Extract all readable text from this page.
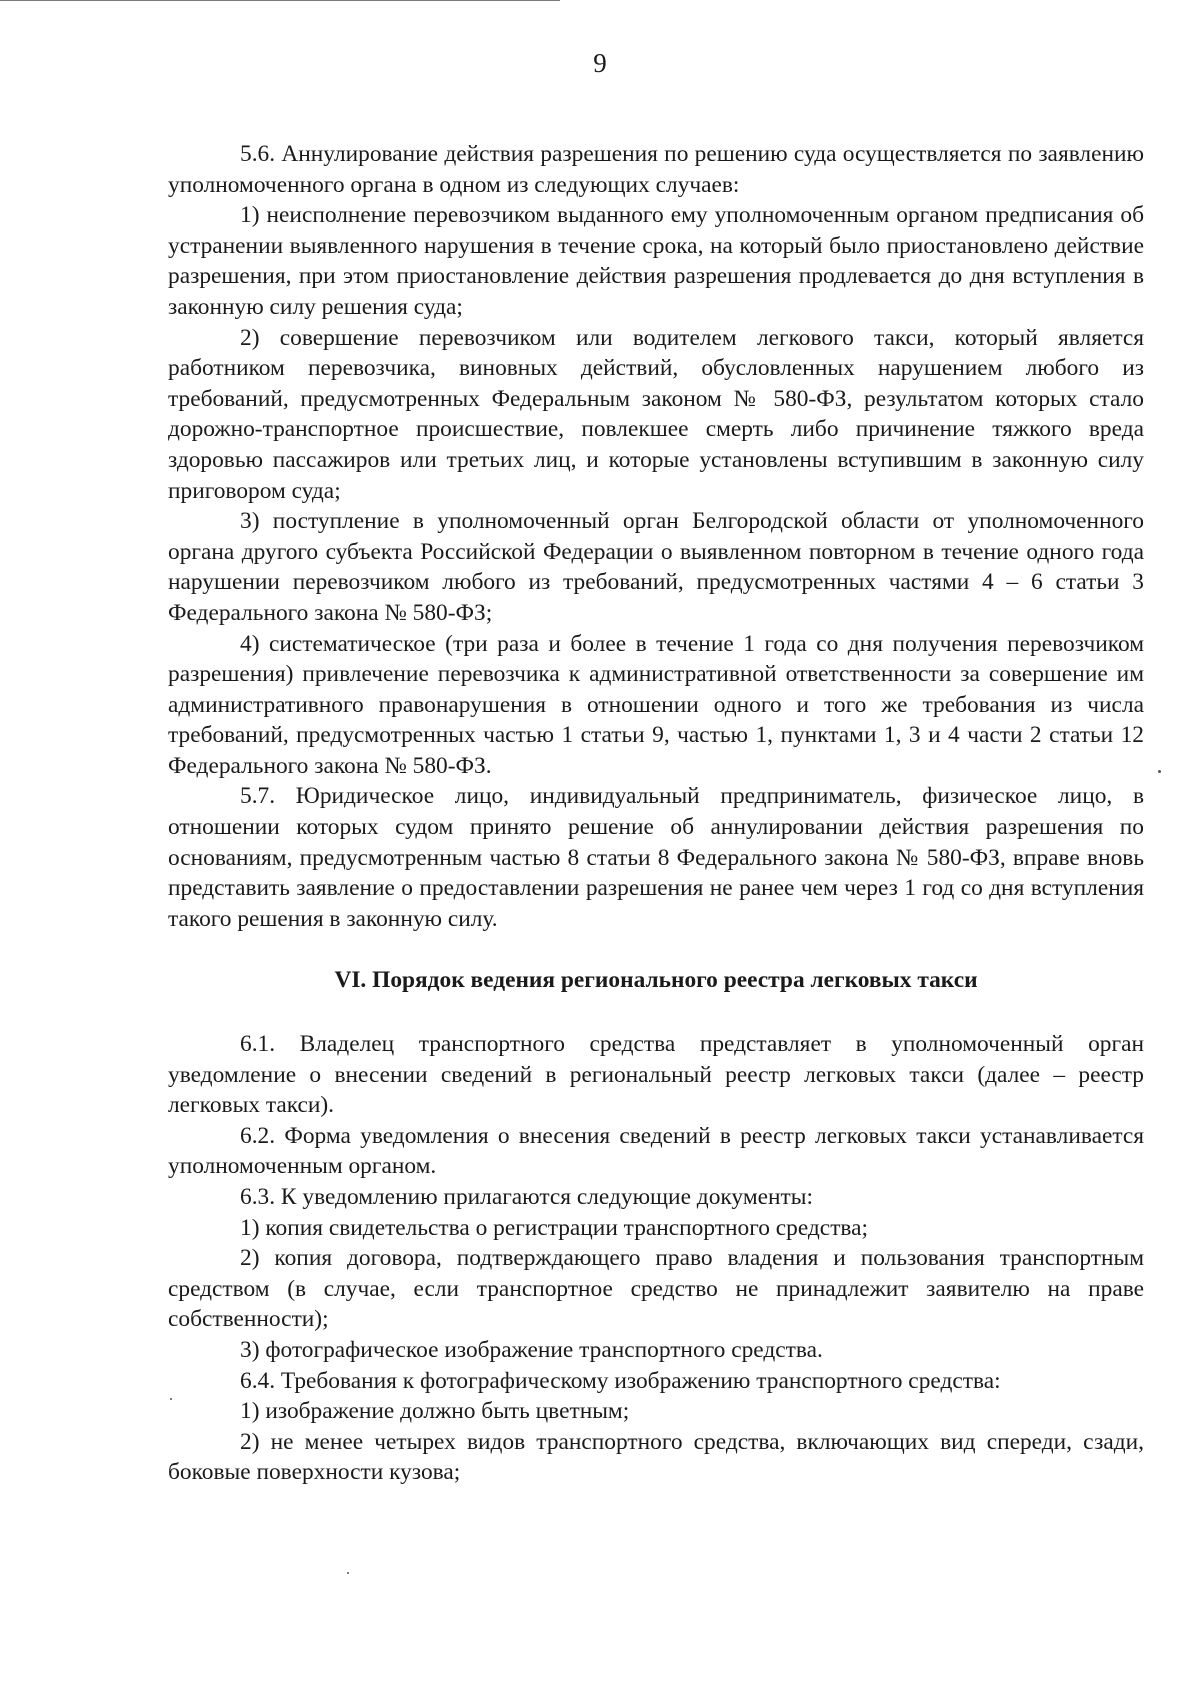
9

5.6. Аннулирование действия разрешения по решению суда осуществляется по заявлению уполномоченного органа в одном из следующих случаев:

1) неисполнение перевозчиком выданного ему уполномоченным органом предписания об устранении выявленного нарушения в течение срока, на который было приостановлено действие разрешения, при этом приостановление действия разрешения продлевается до дня вступления в законную силу решения суда;

2) совершение перевозчиком или водителем легкового такси, который является работником перевозчика, виновных действий, обусловленных нарушением любого из требований, предусмотренных Федеральным законом № 580-ФЗ, результатом которых стало дорожно-транспортное происшествие, повлекшее смерть либо причинение тяжкого вреда здоровью пассажиров или третьих лиц, и которые установлены вступившим в законную силу приговором суда;

3) поступление в уполномоченный орган Белгородской области от уполномоченного органа другого субъекта Российской Федерации о выявленном повторном в течение одного года нарушении перевозчиком любого из требований, предусмотренных частями 4 – 6 статьи 3 Федерального закона № 580-ФЗ;

4) систематическое (три раза и более в течение 1 года со дня получения перевозчиком разрешения) привлечение перевозчика к административной ответственности за совершение им административного правонарушения в отношении одного и того же требования из числа требований, предусмотренных частью 1 статьи 9, частью 1, пунктами 1, 3 и 4 части 2 статьи 12 Федерального закона № 580-ФЗ.

5.7. Юридическое лицо, индивидуальный предприниматель, физическое лицо, в отношении которых судом принято решение об аннулировании действия разрешения по основаниям, предусмотренным частью 8 статьи 8 Федерального закона № 580-ФЗ, вправе вновь представить заявление о предоставлении разрешения не ранее чем через 1 год со дня вступления такого решения в законную силу.

VI. Порядок ведения регионального реестра легковых такси

6.1. Владелец транспортного средства представляет в уполномоченный орган уведомление о внесении сведений в региональный реестр легковых такси (далее – реестр легковых такси).

6.2. Форма уведомления о внесения сведений в реестр легковых такси устанавливается уполномоченным органом.

6.3. К уведомлению прилагаются следующие документы:

1) копия свидетельства о регистрации транспортного средства;

2) копия договора, подтверждающего право владения и пользования транспортным средством (в случае, если транспортное средство не принадлежит заявителю на праве собственности);

3) фотографическое изображение транспортного средства.

6.4. Требования к фотографическому изображению транспортного средства:

1) изображение должно быть цветным;

2) не менее четырех видов транспортного средства, включающих вид спереди, сзади, боковые поверхности кузова;
